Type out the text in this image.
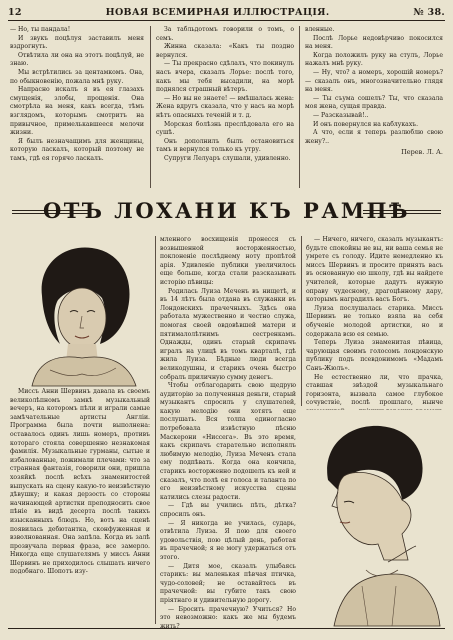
12	НОВАЯ ВСЕМИРНАЯ ИЛЛЮСТРАЦІЯ.	№ 38.

— Но, ты пандала!

И звукъ поцѣлуя заставилъ меня вздрогнуть.

Отвѣтила ли она на этотъ поцѣлуй, не знаю.

Мы встрѣтились за центамкомъ. Она, по обыкновенію, пожала мнѣ руку.

Напрасно искалъ я въ ея глазахъ смущенія, злобы, прощенія. Она смотрѣла на меня, какъ всегда, тѣмъ взглядомъ, которымъ смотритъ на привычное, примелькавшееся мелочи жизни.

Я былъ незначащимъ для женщины, которую ласкалъ, который поэтому не тамъ, гдѣ ея горячо ласкалъ.

За табльдотомъ говорили о томъ, о семъ.

Жинна сказала: «Какъ ты поздно вернулся.

— Ты прекрасно сдѣлалъ, что покинулъ насъ вчера, сказалъ Лорье: послѣ того, какъ мы тебя высадили, на морѣ поднялся страшный вѣтеръ.

— Но вы не знаете! — вмѣшалась жена: Жена вдругъ сказала, что у насъ на морѣ нѣтъ опасныхъ теченій и т. д.

Морская болѣзнь преслѣдовала его на сушѣ.

Онъ дополнилъ былъ остановиться тамъ и вернулся только къ утру.

Супруги Лелуаръ слушали, удивленно.

вленные.

Послѣ Лорье недовѣрчиво покосился на меня.

Когда положилъ руку на стулъ, Лорье нажалъ мнѣ руку.

— Ну, что? а номеръ, хорошій номеръ? — сказалъ онъ, многозначительно глядя на меня.

— Ты съума сошелъ? Ты, что сказала моя жена, сущая правда.

— Разсказывай!..

И онъ повернулся на каблукахъ.

А что, если я теперь разлюблю свою жену?..

Перев. Л. А.
ОТЪ ЛОХАНИ КЪ РАМПѢ

Миссъ Анни Шервинъ давала въ своемъ великолѣпномъ замкѣ музыкальный вечеръ, на которомъ пѣли и играли самые замѣчательные артисты Англіи. Программа была почти выполнена: оставалось одинъ лишь номеръ, противъ котораго стояла совершенно незнакомая фамилія. Музыкальные гурманы, сытые и избалованные, пожимали плечами: что за странная фантазія, говорили они, пришла хозяйкѣ послѣ всѣхъ знаменитостей выпускать на сцену какую-то неизвѣстную дѣвушку; и какая дерзость со стороны начинающей артистки преподносить свое пѣніе въ видѣ десерта послѣ такихъ изысканныхъ блюдъ. Но, вотъ на сценѣ появилась дебютантка, сконфуженная и взволнованная. Она запѣла. Когда въ залѣ прозвучала первая фраза, все замерло. Никогда еще слушателямъ у миссъ Анни Шервинъ не приходилось слышать ничего подобнаго. Шопотъ изу-

мленного восхищенія пронесся съ возвышенной восторженностью, поклоненіе послѣднему ноту пропѣтой арія. Удивленіе публики увеличилось еще больше, когда стали разсказывать исторію пѣвицы:

Родилась Луиза Меченъ въ нищетѣ, и въ 14 лѣтъ была отдана въ служанки въ Лондонскихъ прачечныхъ. Здѣсь она работала мужественно и честно служа, помогая своей овдовѣвшей матери и пятималолѣтнимъ сестренкамъ. Однажды, одинъ старый скрипачъ игралъ на улицѣ въ томъ кварталѣ, гдѣ жила Луиза. Бѣдные люди всегда великодушны, и старикъ очень быстро собралъ приличную сумму денегъ.

Чтобы отблагодарить свою щедрую аудиторію за полученныя деньги, старый музыкантъ спросилъ у слушателей, какую мелодію они хотятъ еще послушать. Вся толпа единогласно потребовала извѣстную пѣсню Маскерони «Ниссега». Въ это время, какъ скрипачъ старательно исполнялъ любимую мелодію, Луиза Меченъ стала ему подпѣвать. Когда она кончила, старикъ восторженно подошелъ къ ней и сказалъ, что полѣ ея голоса и таланта по его неизвѣстному искусства сцены катились слезы радости.

— Гдѣ вы учились пѣть, дѣтка? спросилъ онъ.

— Я никогда не училась, сударь, отвѣтила Луиза. Я пою для своего удовольствія, пою цѣлый день, работая въ прачечной; я не могу удержаться отъ этого.

— Дитя мое, сказалъ улыбаясь старикъ: вы маленькая пѣвчая птичка, чудо-соловей; не оставайтесь въ прачечной: вы губите такъ свою пріятнаго и удивительную дорогу.

— Бросить прачечную? Учиться? Но это невозможно: какъ же мы будемъ жить?

— Ничего, ничего, сказалъ музыкантъ: будьте спокойны не вы, ни ваша семья не умрете съ голоду. Идите немедленно къ миссъ Шервинъ и просите принять васъ въ основанную ею школу, гдѣ вы найдете учителей, которые дадутъ нужную оправу чудесному, драгоцѣнному дару, которымъ наградилъ васъ Богъ.

Луиза послушалась старика. Миссъ Шервинъ не только взяла на себя обученіе молодой артистки, но и содержала всю ея семью.

Теперь Луиза знаменитая пѣвица, чарующая своимъ голосомъ лондонскую публику подъ псевдонимомъ «Мадамъ Санъ-Жюлъ».

Не естественно ли, что прачка, ставшая звѣздой музыкальнаго горизонта, вызвала самое глубокое сочувствіе, послѣ прошлаго, нынче
